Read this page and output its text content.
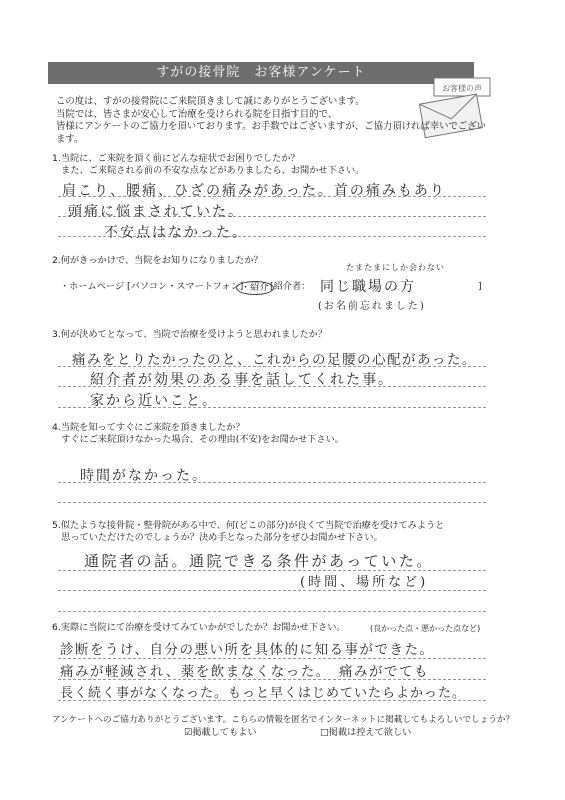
すがの接骨院　お客様アンケート
お客様の声
この度は、すがの接骨院にご来院頂きまして誠にありがとうございます。
当院では、皆さまが安心して治療を受けられる院を目指す目的で、
皆様にアンケートのご協力を頂いております。お手数ではございますが、ご協力頂ければ幸いでございます。
1.当院に、ご来院を頂く前にどんな症状でお困りでしたか？
　また、ご来院される前の不安な点などがありましたら、お聞かせ下さい。
肩こり、腰痛、ひざの痛みがあった。首の痛みもあり
頭痛に悩まされていた。
不安点はなかった。
2.何がきっかけで、当院をお知りになりましたか？
・ホームページ [パソコン・スマートフォン]
・紹介 [紹介者：
たまたまにしか会わない
同じ職場の方
(お名前忘れました)
]
3.何が決めてとなって、当院で治療を受けようと思われましたか？
痛みをとりたかったのと、これからの足腰の心配があった。
紹介者が効果のある事を話してくれた事。
家から近いこと。
4.当院を知ってすぐにご来院を頂きましたか？
　すぐにご来院頂けなかった場合、その理由(不安)をお聞かせ下さい。
時間がなかった。
5.似たような接骨院・整骨院がある中で、何(どこの部分)が良くて当院で治療を受けてみようと
　思っていただけたのでしょうか？決め手となった部分をぜひお聞かせ下さい。
通院者の話。通院できる条件があっていた。
(時間、場所など)
6.実際に当院にて治療を受けてみていかがでしたか？お聞かせ下さい。	(良かった点・悪かった点など)
診断をうけ、自分の悪い所を具体的に知る事ができた。
痛みが軽減され、薬を飲まなくなった。　痛みがでても
長く続く事がなくなった。もっと早くはじめていたらよかった。
アンケートへのご協力ありがとうございます。こちらの情報を匿名でインターネットに掲載してもよろしいでしょうか？
☑掲載してもよい	□掲載は控えて欲しい
